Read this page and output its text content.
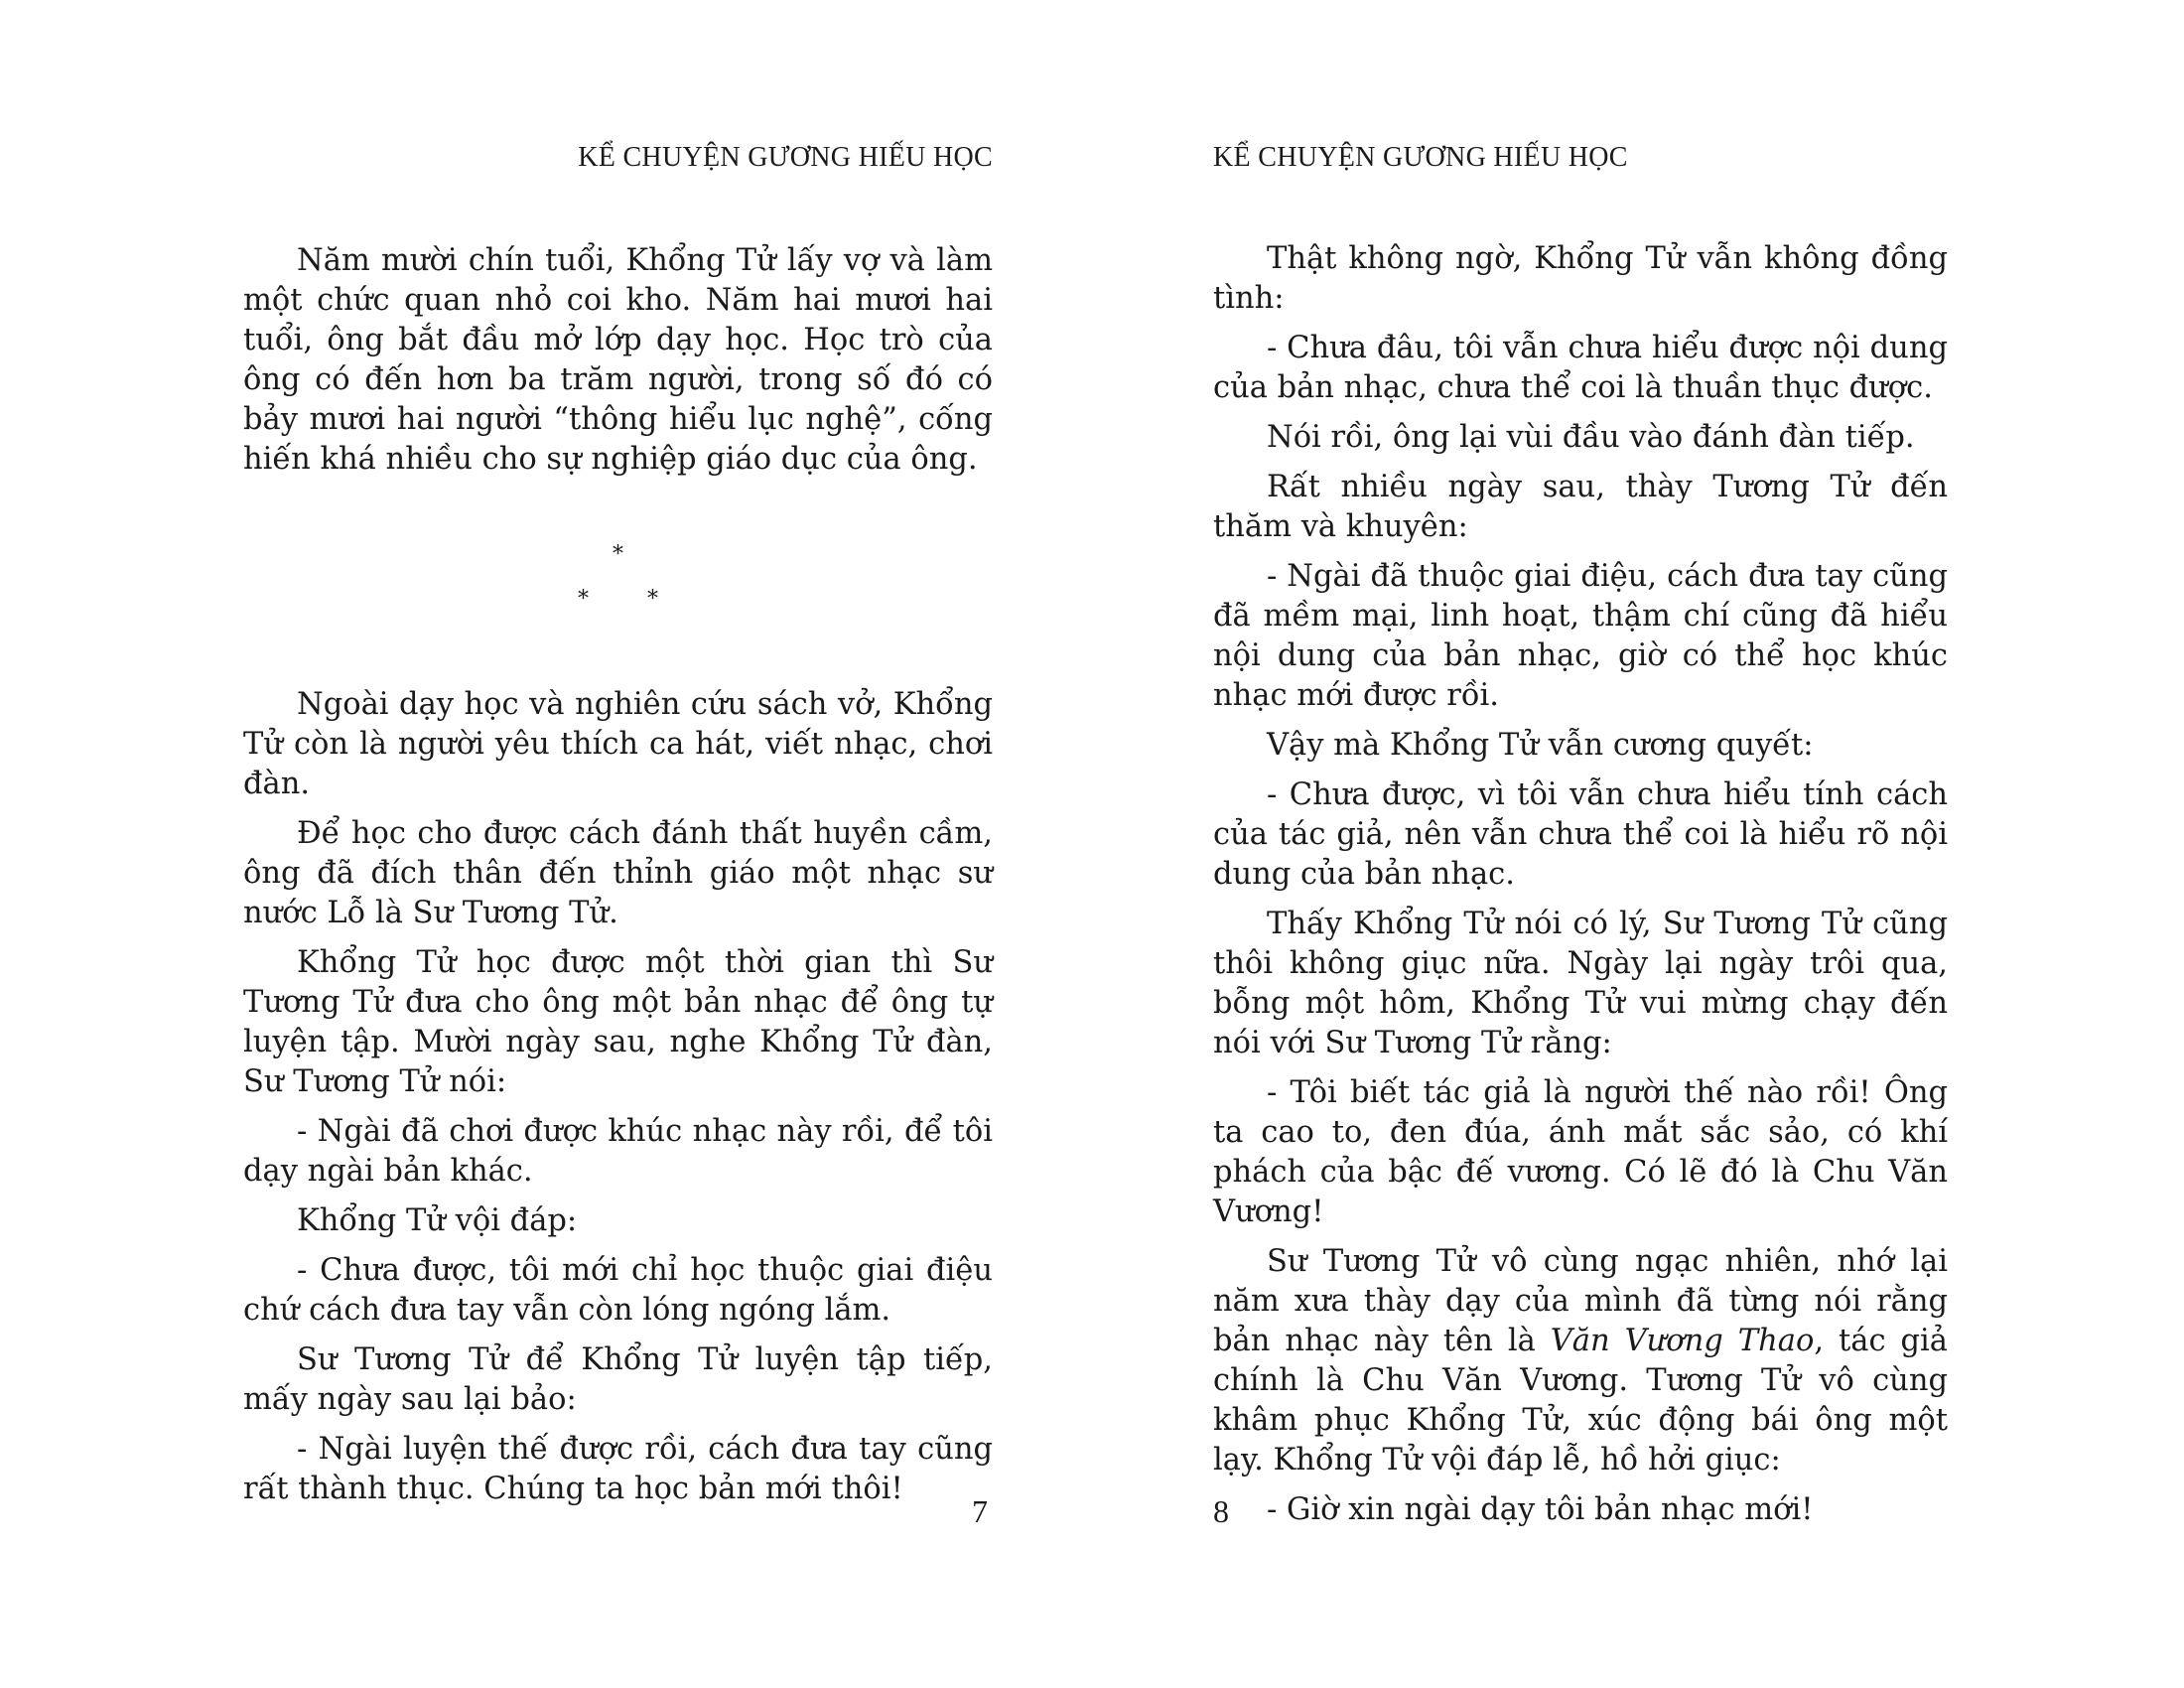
KỂ CHUYỆN GƯƠNG HIẾU HỌC

Năm mười chín tuổi, Khổng Tử lấy vợ và làm một chức quan nhỏ coi kho. Năm hai mươi hai tuổi, ông bắt đầu mở lớp dạy học. Học trò của ông có đến hơn ba trăm người, trong số đó có bảy mươi hai người “thông hiểu lục nghệ”, cống hiến khá nhiều cho sự nghiệp giáo dục của ông.

*
*	*

Ngoài dạy học và nghiên cứu sách vở, Khổng Tử còn là người yêu thích ca hát, viết nhạc, chơi đàn.

Để học cho được cách đánh thất huyền cầm, ông đã đích thân đến thỉnh giáo một nhạc sư nước Lỗ là Sư Tương Tử.

Khổng Tử học được một thời gian thì Sư Tương Tử đưa cho ông một bản nhạc để ông tự luyện tập. Mười ngày sau, nghe Khổng Tử đàn, Sư Tương Tử nói:

- Ngài đã chơi được khúc nhạc này rồi, để tôi dạy ngài bản khác.

Khổng Tử vội đáp:

- Chưa được, tôi mới chỉ học thuộc giai điệu chứ cách đưa tay vẫn còn lóng ngóng lắm.

Sư Tương Tử để Khổng Tử luyện tập tiếp, mấy ngày sau lại bảo:

- Ngài luyện thế được rồi, cách đưa tay cũng rất thành thục. Chúng ta học bản mới thôi!

7
KỂ CHUYỆN GƯƠNG HIẾU HỌC

Thật không ngờ, Khổng Tử vẫn không đồng tình:

- Chưa đâu, tôi vẫn chưa hiểu được nội dung của bản nhạc, chưa thể coi là thuần thục được.

Nói rồi, ông lại vùi đầu vào đánh đàn tiếp.

Rất nhiều ngày sau, thày Tương Tử đến thăm và khuyên:

- Ngài đã thuộc giai điệu, cách đưa tay cũng đã mềm mại, linh hoạt, thậm chí cũng đã hiểu nội dung của bản nhạc, giờ có thể học khúc nhạc mới được rồi.

Vậy mà Khổng Tử vẫn cương quyết:

- Chưa được, vì tôi vẫn chưa hiểu tính cách của tác giả, nên vẫn chưa thể coi là hiểu rõ nội dung của bản nhạc.

Thấy Khổng Tử nói có lý, Sư Tương Tử cũng thôi không giục nữa. Ngày lại ngày trôi qua, bỗng một hôm, Khổng Tử vui mừng chạy đến nói với Sư Tương Tử rằng:

- Tôi biết tác giả là người thế nào rồi! Ông ta cao to, đen đúa, ánh mắt sắc sảo, có khí phách của bậc đế vương. Có lẽ đó là Chu Văn Vương!

Sư Tương Tử vô cùng ngạc nhiên, nhớ lại năm xưa thày dạy của mình đã từng nói rằng bản nhạc này tên là Văn Vương Thao, tác giả chính là Chu Văn Vương. Tương Tử vô cùng khâm phục Khổng Tử, xúc động bái ông một lạy. Khổng Tử vội đáp lễ, hồ hởi giục:

- Giờ xin ngài dạy tôi bản nhạc mới!

8
